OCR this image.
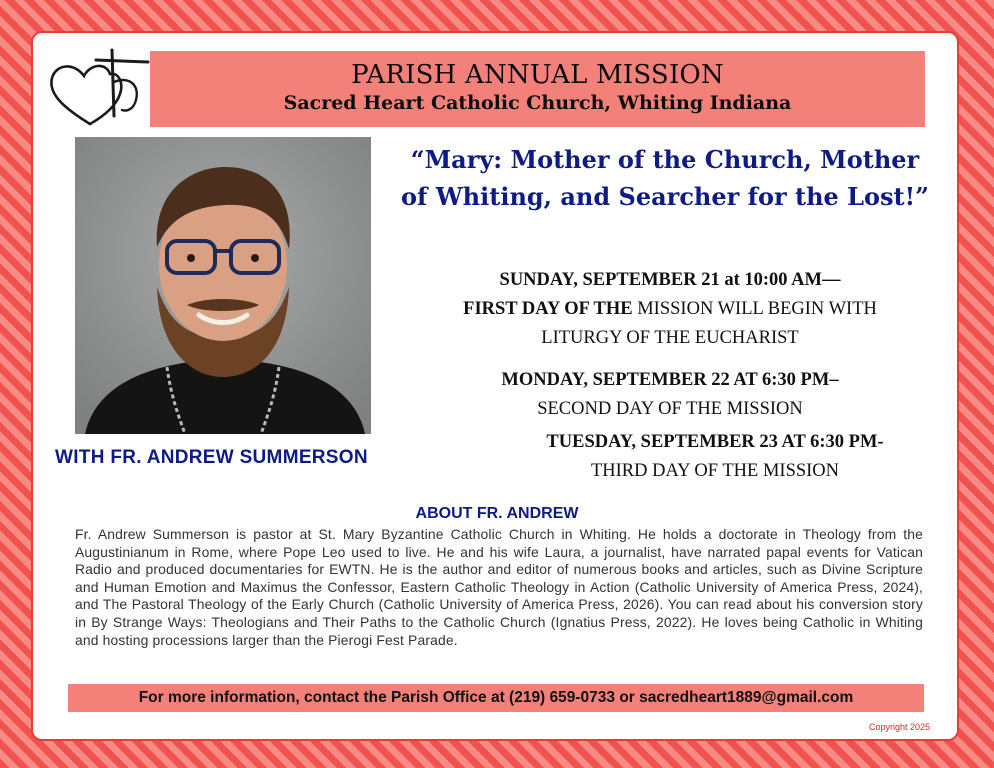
PARISH ANNUAL MISSION
Sacred Heart Catholic Church, Whiting Indiana
WITH FR. ANDREW SUMMERSON
“Mary: Mother of the Church, Mother of Whiting, and Searcher for the Lost!”
SUNDAY, SEPTEMBER 21 at 10:00 AM—
FIRST DAY OF THE MISSION WILL BEGIN WITH
LITURGY OF THE EUCHARIST
MONDAY, SEPTEMBER 22 AT 6:30 PM–
SECOND DAY OF THE MISSION
TUESDAY, SEPTEMBER 23 AT 6:30 PM-
THIRD DAY OF THE MISSION
ABOUT FR. ANDREW
Fr. Andrew Summerson is pastor at St. Mary Byzantine Catholic Church in Whiting. He holds a doctorate in Theology from the Augustinianum in Rome, where Pope Leo used to live. He and his wife Laura, a journalist, have narrated papal events for Vatican Radio and produced documentaries for EWTN. He is the author and editor of numerous books and articles, such as Divine Scripture and Human Emotion and Maximus the Confessor, Eastern Catholic Theology in Action (Catholic University of America Press, 2024), and The Pastoral Theology of the Early Church (Catholic University of America Press, 2026). You can read about his conversion story in By Strange Ways: Theologians and Their Paths to the Catholic Church (Ignatius Press, 2022). He loves being Catholic in Whiting and hosting processions larger than the Pierogi Fest Parade.
For more information, contact the Parish Office at (219) 659-0733 or sacredheart1889@gmail.com
Copyright 2025
